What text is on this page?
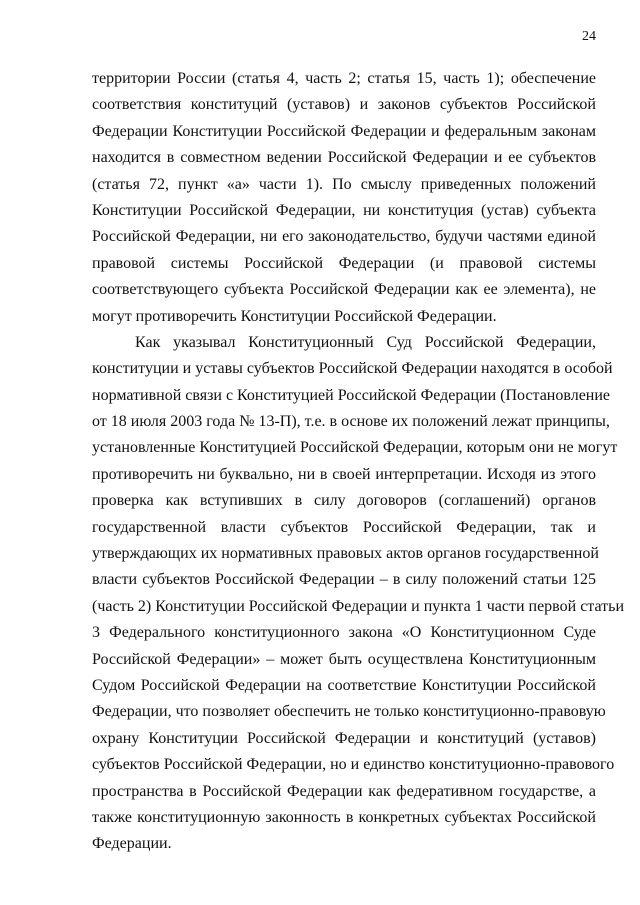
24
территории России (статья 4, часть 2; статья 15, часть 1); обеспечение
соответствия конституций (уставов) и законов субъектов Российской
Федерации Конституции Российской Федерации и федеральным законам
находится в совместном ведении Российской Федерации и ее субъектов
(статья 72, пункт «а» части 1). По смыслу приведенных положений
Конституции Российской Федерации, ни конституция (устав) субъекта
Российской Федерации, ни его законодательство, будучи частями единой
правовой системы Российской Федерации (и правовой системы
соответствующего субъекта Российской Федерации как ее элемента), не
могут противоречить Конституции Российской Федерации.
Как указывал Конституционный Суд Российской Федерации,
конституции и уставы субъектов Российской Федерации находятся в особой
нормативной связи с Конституцией Российской Федерации (Постановление
от 18 июля 2003 года № 13-П), т.е. в основе их положений лежат принципы,
установленные Конституцией Российской Федерации, которым они не могут
противоречить ни буквально, ни в своей интерпретации. Исходя из этого
проверка как вступивших в силу договоров (соглашений) органов
государственной власти субъектов Российской Федерации, так и
утверждающих их нормативных правовых актов органов государственной
власти субъектов Российской Федерации – в силу положений статьи 125
(часть 2) Конституции Российской Федерации и пункта 1 части первой статьи
3 Федерального конституционного закона «О Конституционном Суде
Российской Федерации» – может быть осуществлена Конституционным
Судом Российской Федерации на соответствие Конституции Российской
Федерации, что позволяет обеспечить не только конституционно-правовую
охрану Конституции Российской Федерации и конституций (уставов)
субъектов Российской Федерации, но и единство конституционно-правового
пространства в Российской Федерации как федеративном государстве, а
также конституционную законность в конкретных субъектах Российской
Федерации.
